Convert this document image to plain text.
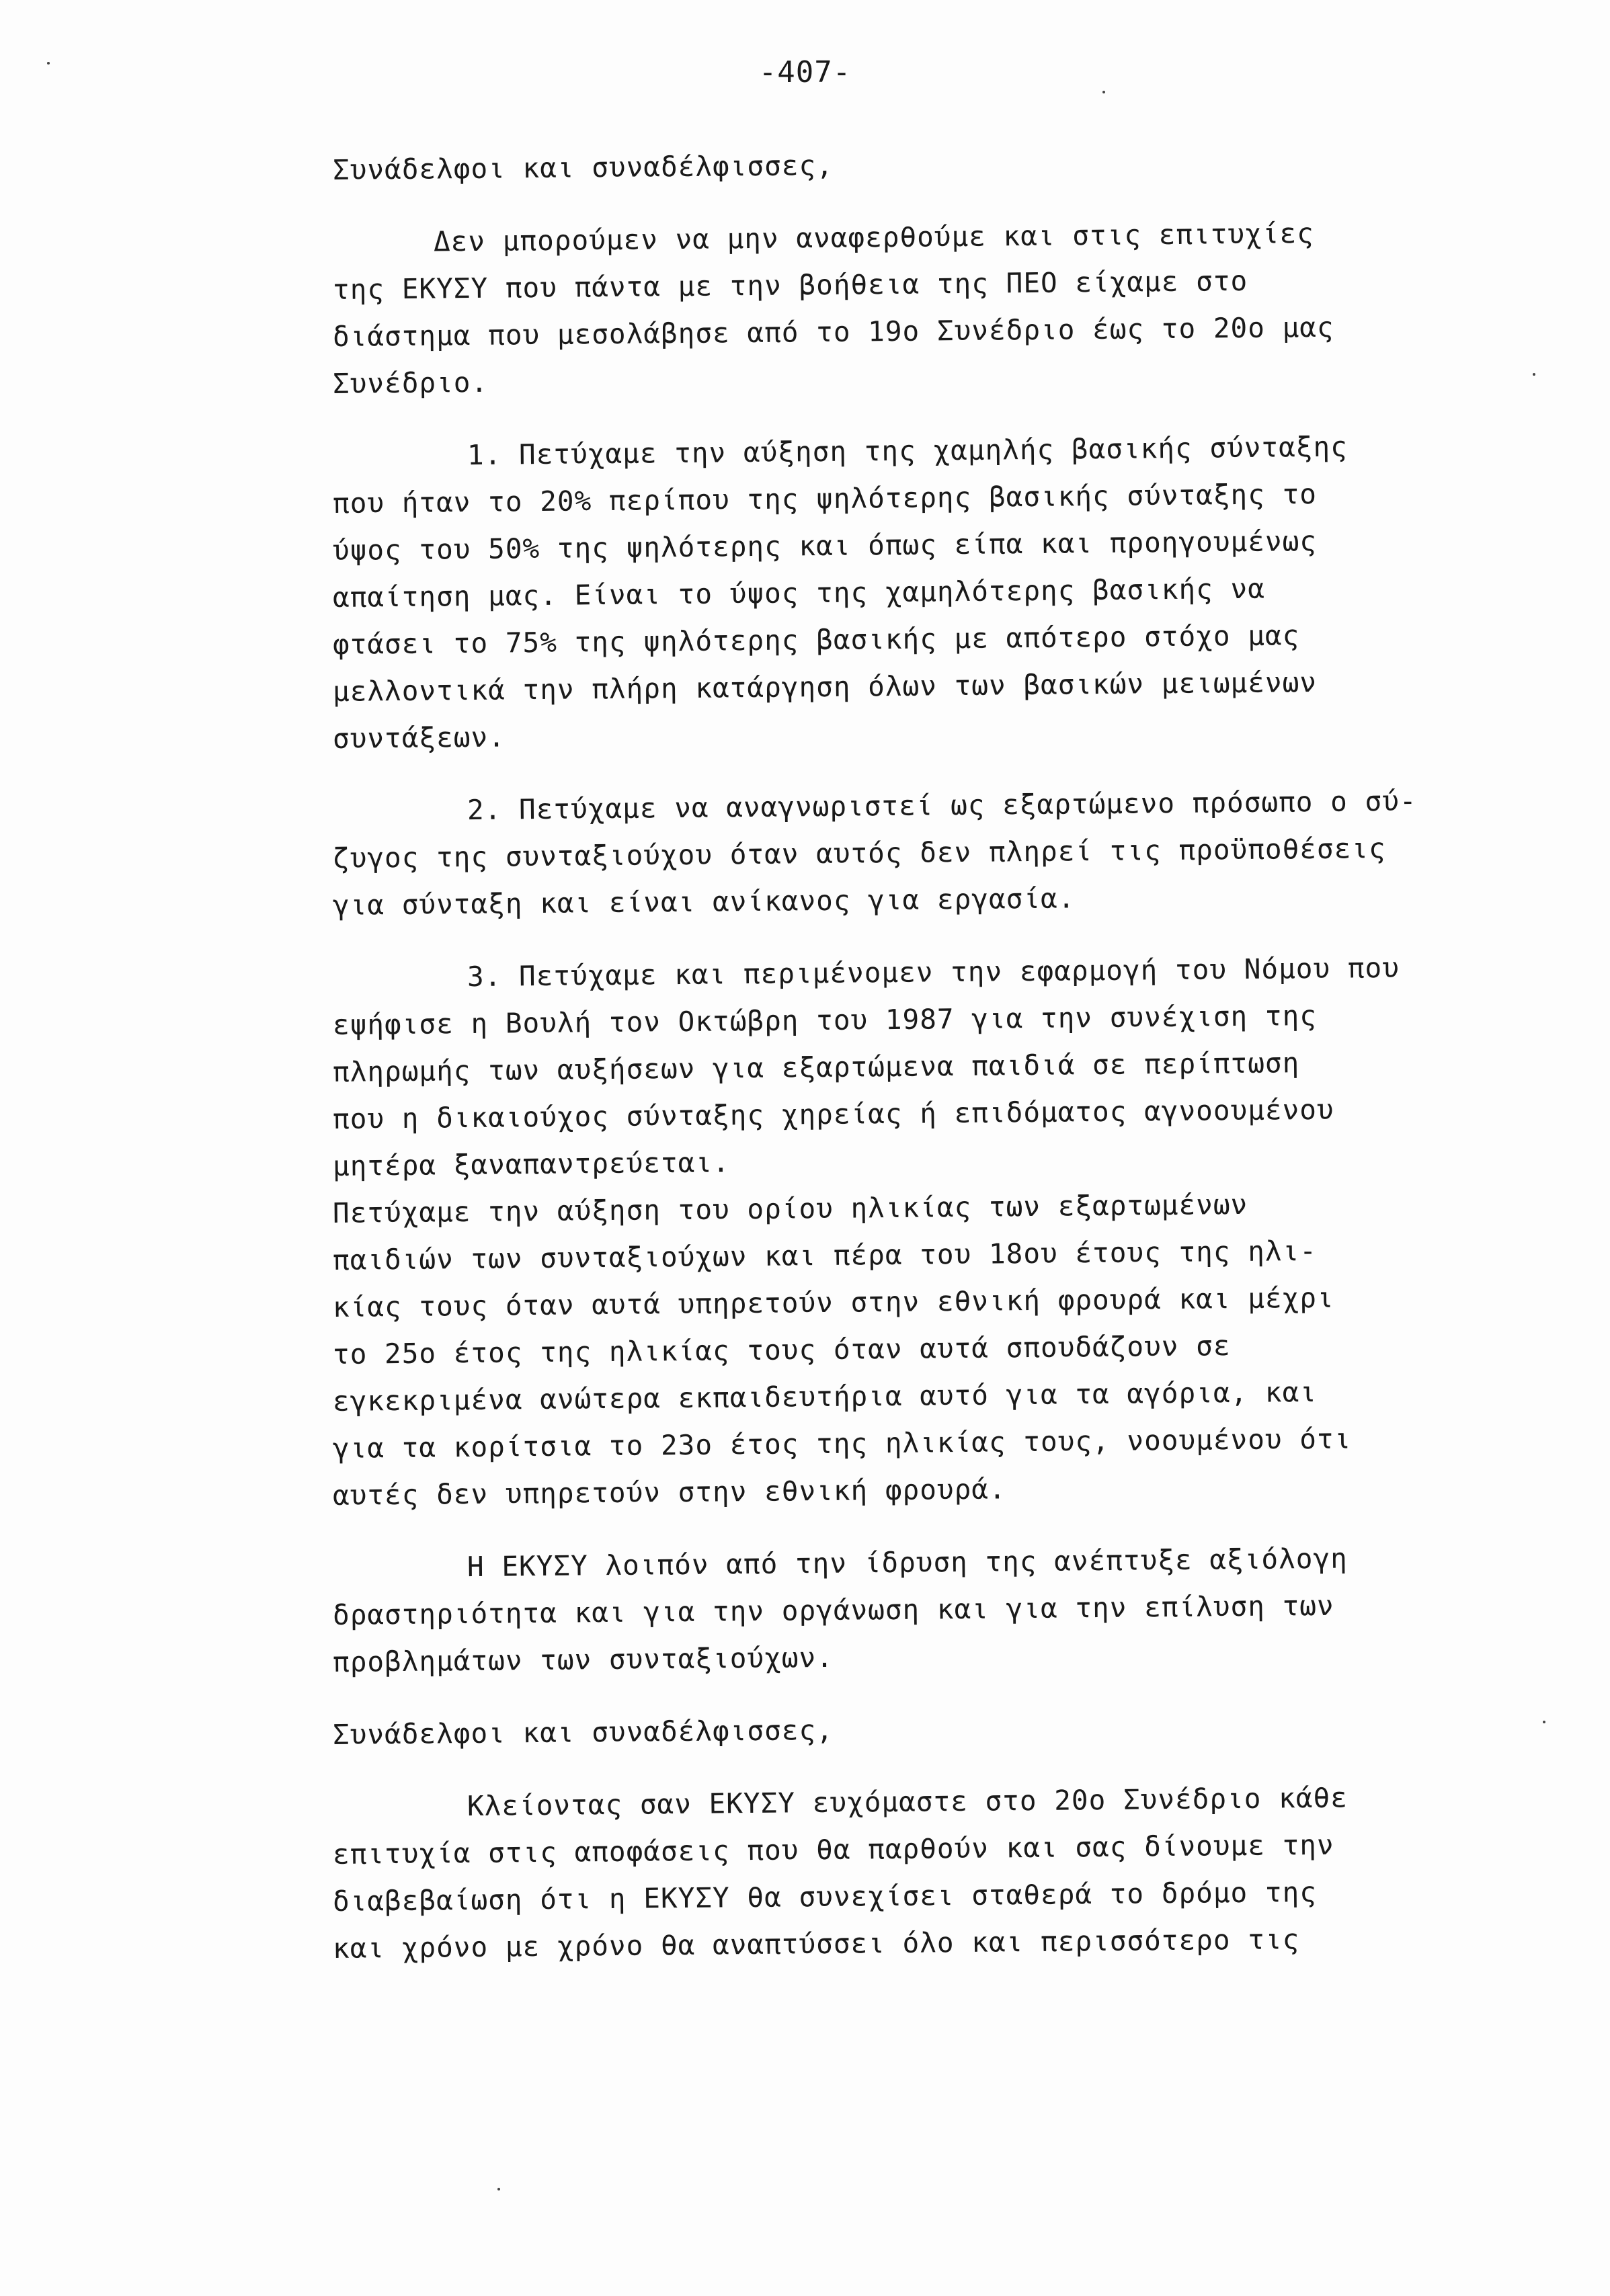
-407-
Συνάδελφοι και συναδέλφισσες,
Δεν μπορούμεν να μην αναφερθούμε και στις επιτυχίες
της ΕΚΥΣΥ που πάντα με την βοήθεια της ΠΕΟ είχαμε στο
διάστημα που μεσολάβησε από το 19ο Συνέδριο έως το 20ο μας
Συνέδριο.
1. Πετύχαμε την αύξηση της χαμηλής βασικής σύνταξης
που ήταν το 20% περίπου της ψηλότερης βασικής σύνταξης το
ύψος του 50% της ψηλότερης και όπως είπα και προηγουμένως
απαίτηση μας. Είναι το ύψος της χαμηλότερης βασικής να
φτάσει το 75% της ψηλότερης βασικής με απότερο στόχο μας
μελλοντικά την πλήρη κατάργηση όλων των βασικών μειωμένων
συντάξεων.
2. Πετύχαμε να αναγνωριστεί ως εξαρτώμενο πρόσωπο ο σύ-
ζυγος της συνταξιούχου όταν αυτός δεν πληρεί τις προϋποθέσεις
για σύνταξη και είναι ανίκανος για εργασία.
3. Πετύχαμε και περιμένομεν την εφαρμογή του Νόμου που
εψήφισε η Βουλή τον Οκτώβρη του 1987 για την συνέχιση της
πληρωμής των αυξήσεων για εξαρτώμενα παιδιά σε περίπτωση
που η δικαιούχος σύνταξης χηρείας ή επιδόματος αγνοουμένου
μητέρα ξαναπαντρεύεται.
Πετύχαμε την αύξηση του ορίου ηλικίας των εξαρτωμένων
παιδιών των συνταξιούχων και πέρα του 18ου έτους της ηλι-
κίας τους όταν αυτά υπηρετούν στην εθνική φρουρά και μέχρι
το 25ο έτος της ηλικίας τους όταν αυτά σπουδάζουν σε
εγκεκριμένα ανώτερα εκπαιδευτήρια αυτό για τα αγόρια, και
για τα κορίτσια το 23ο έτος της ηλικίας τους, νοουμένου ότι
αυτές δεν υπηρετούν στην εθνική φρουρά.
Η ΕΚΥΣΥ λοιπόν από την ίδρυση της ανέπτυξε αξιόλογη
δραστηριότητα και για την οργάνωση και για την επίλυση των
προβλημάτων των συνταξιούχων.
Συνάδελφοι και συναδέλφισσες,
Κλείοντας σαν ΕΚΥΣΥ ευχόμαστε στο 20ο Συνέδριο κάθε
επιτυχία στις αποφάσεις που θα παρθούν και σας δίνουμε την
διαβεβαίωση ότι η ΕΚΥΣΥ θα συνεχίσει σταθερά το δρόμο της
και χρόνο με χρόνο θα αναπτύσσει όλο και περισσότερο τις
